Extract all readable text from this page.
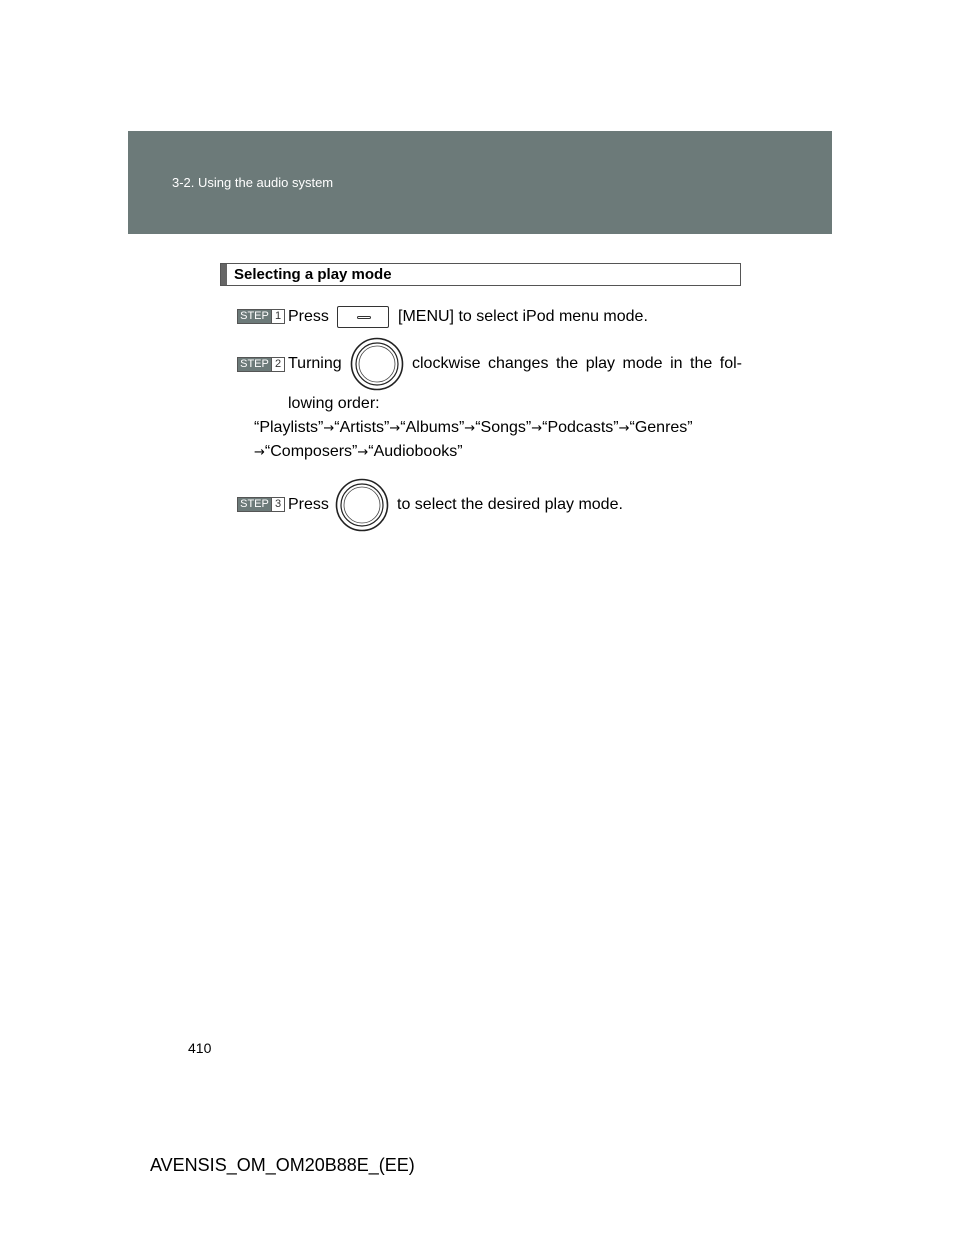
3-2. Using the audio system
Selecting a play mode
STEP 1 Press	[MENU] to select iPod menu mode.
STEP 2 Turning	clockwise changes the play mode in the fol-
lowing order:
“Playlists”→“Artists”→“Albums”→“Songs”→“Podcasts”→“Genres”
→“Composers”→“Audiobooks”
STEP 3 Press	to select the desired play mode.
410
AVENSIS_OM_OM20B88E_(EE)
